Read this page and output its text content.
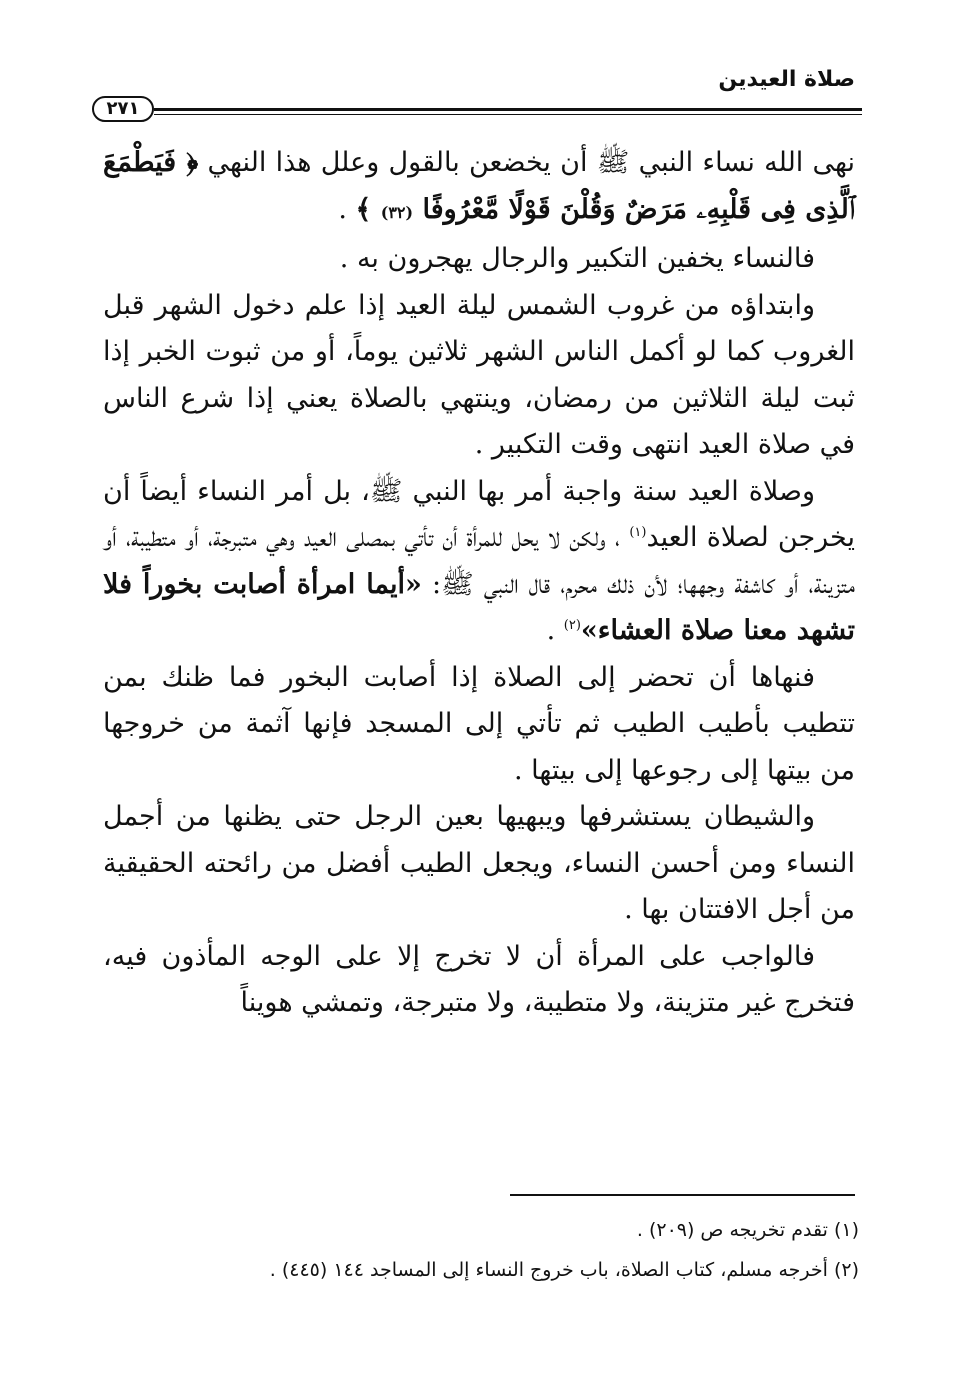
صلاة العيدين
٢٧١

نهى الله نساء النبي ﷺ أن يخضعن بالقول وعلل هذا النهي ﴿ فَيَطْمَعَ ٱلَّذِى فِى قَلْبِهِۦ مَرَضٌ وَقُلْنَ قَوْلًا مَّعْرُوفًا (٣٢) ﴾ .

فالنساء يخفين التكبير والرجال يهجرون به .

وابتداؤه من غروب الشمس ليلة العيد إذا علم دخول الشهر قبل الغروب كما لو أكمل الناس الشهر ثلاثين يوماً، أو من ثبوت الخبر إذا ثبت ليلة الثلاثين من رمضان، وينتهي بالصلاة يعني إذا شرع الناس في صلاة العيد انتهى وقت التكبير .

وصلاة العيد سنة واجبة أمر بها النبي ﷺ، بل أمر النساء أيضاً أن يخرجن لصلاة العيد$^{(١)}$ ، ولكن لا يحل للمرأة أن تأتي بمصلى العيد وهي متبرجة، أو متطيبة، أو متزينة، أو كاشفة وجهها؛ لأن ذلك محرم، قال النبي ﷺ: «أيما امرأة أصابت بخوراً فلا تشهد معنا صلاة العشاء»$^{(٢)}$ .

فنهاها أن تحضر إلى الصلاة إذا أصابت البخور فما ظنك بمن تتطيب بأطيب الطيب ثم تأتي إلى المسجد فإنها آثمة من خروجها من بيتها إلى رجوعها إلى بيتها .

والشيطان يستشرفها ويبهيها بعين الرجل حتى يظنها من أجمل النساء ومن أحسن النساء، ويجعل الطيب أفضل من رائحته الحقيقية من أجل الافتتان بها .

فالواجب على المرأة أن لا تخرج إلا على الوجه المأذون فيه، فتخرج غير متزينة، ولا متطيبة، ولا متبرجة، وتمشي هويناً

(١) تقدم تخريجه ص (٢٠٩) .

(٢) أخرجه مسلم، كتاب الصلاة، باب خروج النساء إلى المساجد ١٤٤ (٤٤٥) .
